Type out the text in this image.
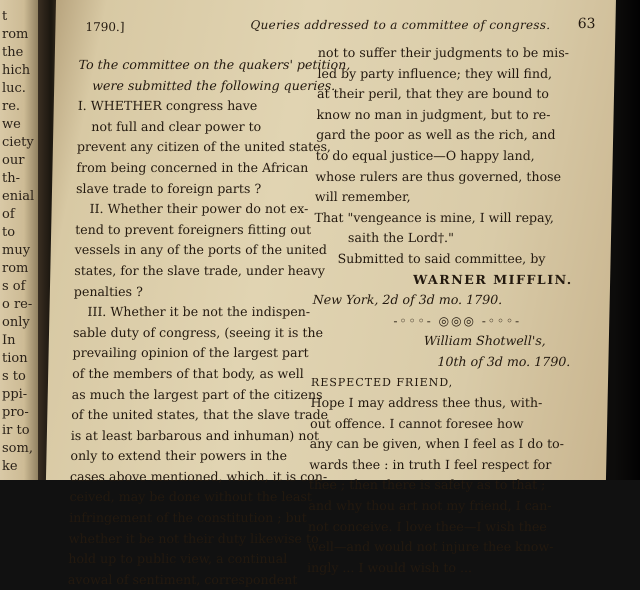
t
rom
the
hich
luc.
re.
we
ciety
our
th-
enial
of
to
muy
rom
s of
o re-
only
In
tion
s to
ppi-
pro-
ir to
som,
ke
1790.]	Queries addressed to a committee of congress. 63

To the committee on the quakers' petition,

were submitted the following queries.

I. WHETHER congress have

not full and clear power to

prevent any citizen of the united states,

from being concerned in the African

slave trade to foreign parts ?

II. Whether their power do not ex-

tend to prevent foreigners fitting out

vessels in any of the ports of the united

states, for the slave trade, under heavy

penalties ?

III. Whether it be not the indispen-

sable duty of congress, (seeing it is the

prevailing opinion of the largest part

of the members of that body, as well

as much the largest part of the citizens

of the united states, that the slave trade

is at least barbarous and inhuman) not

only to extend their powers in the

cases above mentioned, which, it is con-

ceived, may be done without the least

infringement of the constitution ; but

whether it be not their duty likewise to

hold up to public view, a continual

avowal of sentiment, correspondent

not to suffer their judgments to be mis-

led by party influence; they will find,

at their peril, that they are bound to

know no man in judgment, but to re-

gard the poor as well as the rich, and

to do equal justice—O happy land,

whose rulers are thus governed, those

will remember,

That "vengeance is mine, I will repay,

saith the Lord†."

Submitted to said committee, by

WARNER MIFFLIN.

New York, 2d of 3d mo. 1790.

-◦◦◦- ◎◎◎ -◦◦◦-

William Shotwell's,

10th of 3d mo. 1790.

RESPECTED FRIEND,

Hope I may address thee thus, with-

out offence. I cannot foresee how

any can be given, when I feel as I do to-

wards thee : in truth I feel respect for

thee ; then there is safety as to that ;

and why thou art not my friend, I can-

not conceive. I love thee—I wish thee

well—and would not injure thee know-

ingly ... I would wish to ...
